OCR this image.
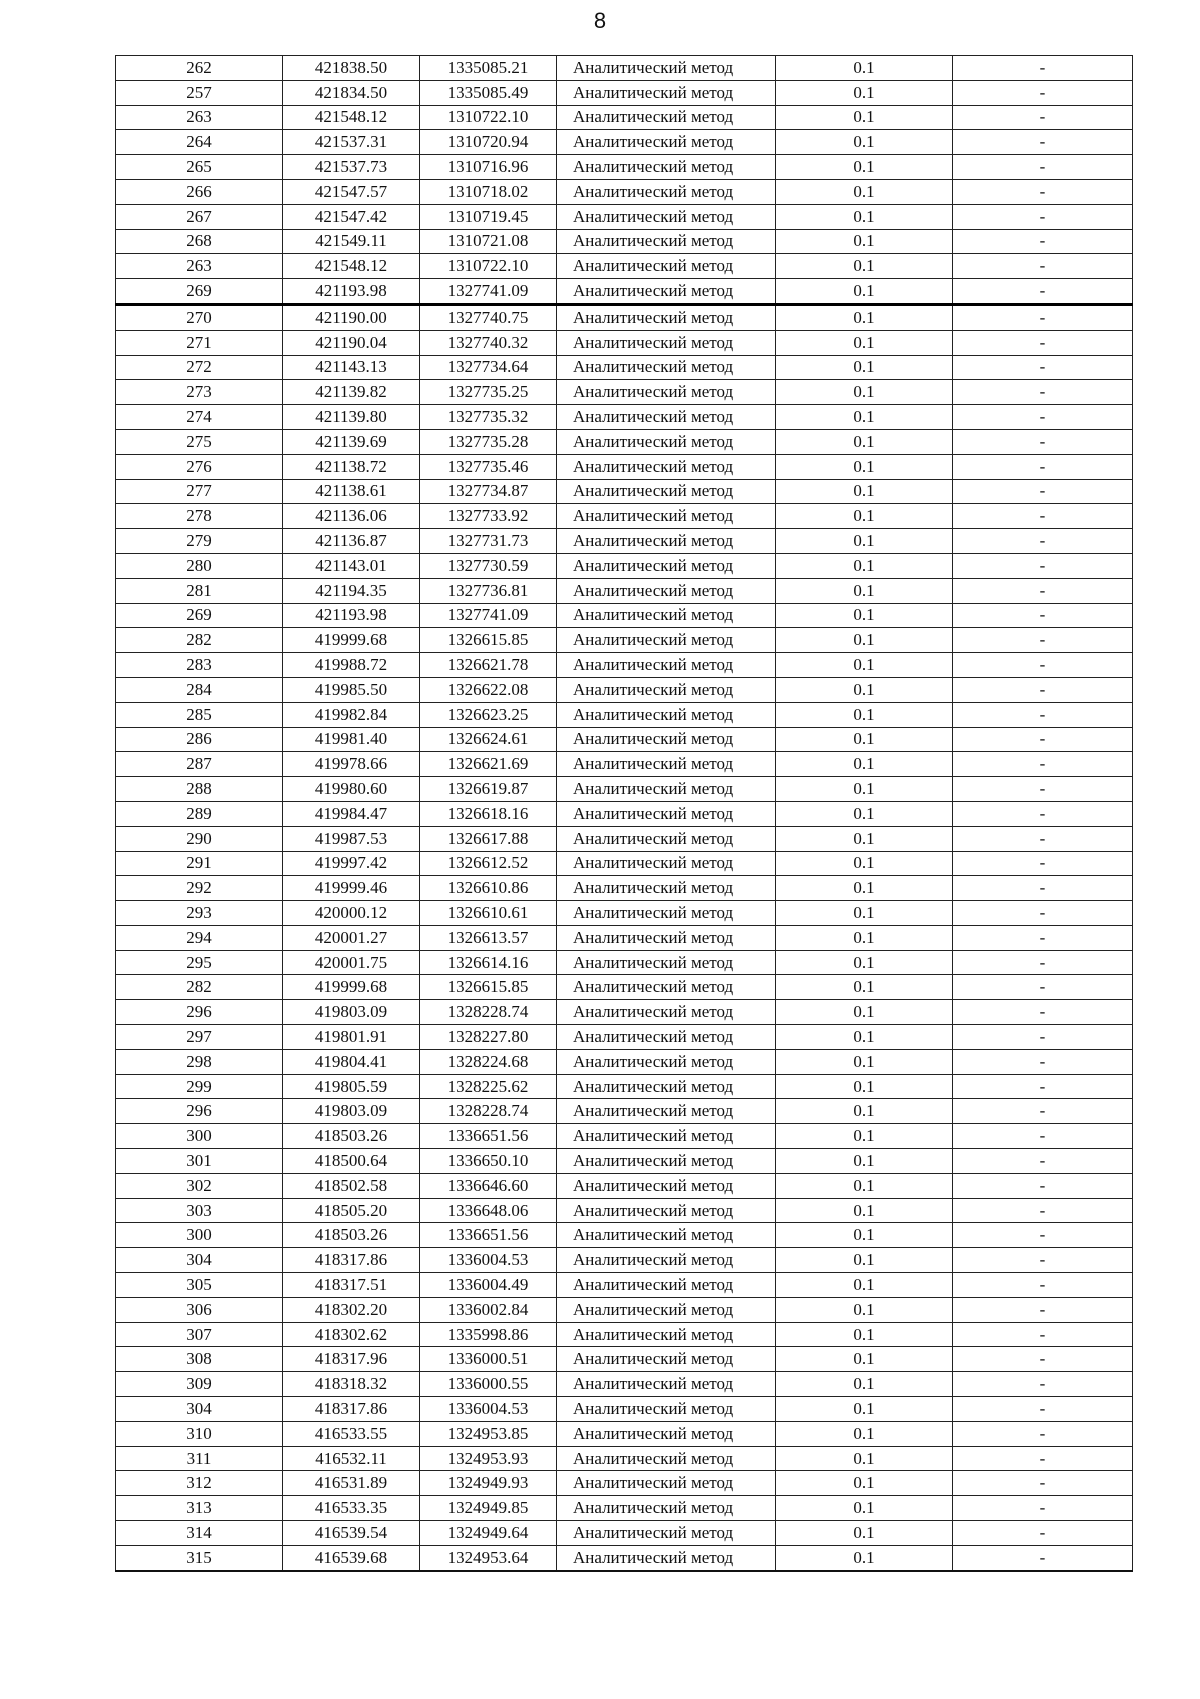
8
262	421838.50	1335085.21	Аналитический метод	0.1	-
257	421834.50	1335085.49	Аналитический метод	0.1	-
263	421548.12	1310722.10	Аналитический метод	0.1	-
264	421537.31	1310720.94	Аналитический метод	0.1	-
265	421537.73	1310716.96	Аналитический метод	0.1	-
266	421547.57	1310718.02	Аналитический метод	0.1	-
267	421547.42	1310719.45	Аналитический метод	0.1	-
268	421549.11	1310721.08	Аналитический метод	0.1	-
263	421548.12	1310722.10	Аналитический метод	0.1	-
269	421193.98	1327741.09	Аналитический метод	0.1	-
270	421190.00	1327740.75	Аналитический метод	0.1	-
271	421190.04	1327740.32	Аналитический метод	0.1	-
272	421143.13	1327734.64	Аналитический метод	0.1	-
273	421139.82	1327735.25	Аналитический метод	0.1	-
274	421139.80	1327735.32	Аналитический метод	0.1	-
275	421139.69	1327735.28	Аналитический метод	0.1	-
276	421138.72	1327735.46	Аналитический метод	0.1	-
277	421138.61	1327734.87	Аналитический метод	0.1	-
278	421136.06	1327733.92	Аналитический метод	0.1	-
279	421136.87	1327731.73	Аналитический метод	0.1	-
280	421143.01	1327730.59	Аналитический метод	0.1	-
281	421194.35	1327736.81	Аналитический метод	0.1	-
269	421193.98	1327741.09	Аналитический метод	0.1	-
282	419999.68	1326615.85	Аналитический метод	0.1	-
283	419988.72	1326621.78	Аналитический метод	0.1	-
284	419985.50	1326622.08	Аналитический метод	0.1	-
285	419982.84	1326623.25	Аналитический метод	0.1	-
286	419981.40	1326624.61	Аналитический метод	0.1	-
287	419978.66	1326621.69	Аналитический метод	0.1	-
288	419980.60	1326619.87	Аналитический метод	0.1	-
289	419984.47	1326618.16	Аналитический метод	0.1	-
290	419987.53	1326617.88	Аналитический метод	0.1	-
291	419997.42	1326612.52	Аналитический метод	0.1	-
292	419999.46	1326610.86	Аналитический метод	0.1	-
293	420000.12	1326610.61	Аналитический метод	0.1	-
294	420001.27	1326613.57	Аналитический метод	0.1	-
295	420001.75	1326614.16	Аналитический метод	0.1	-
282	419999.68	1326615.85	Аналитический метод	0.1	-
296	419803.09	1328228.74	Аналитический метод	0.1	-
297	419801.91	1328227.80	Аналитический метод	0.1	-
298	419804.41	1328224.68	Аналитический метод	0.1	-
299	419805.59	1328225.62	Аналитический метод	0.1	-
296	419803.09	1328228.74	Аналитический метод	0.1	-
300	418503.26	1336651.56	Аналитический метод	0.1	-
301	418500.64	1336650.10	Аналитический метод	0.1	-
302	418502.58	1336646.60	Аналитический метод	0.1	-
303	418505.20	1336648.06	Аналитический метод	0.1	-
300	418503.26	1336651.56	Аналитический метод	0.1	-
304	418317.86	1336004.53	Аналитический метод	0.1	-
305	418317.51	1336004.49	Аналитический метод	0.1	-
306	418302.20	1336002.84	Аналитический метод	0.1	-
307	418302.62	1335998.86	Аналитический метод	0.1	-
308	418317.96	1336000.51	Аналитический метод	0.1	-
309	418318.32	1336000.55	Аналитический метод	0.1	-
304	418317.86	1336004.53	Аналитический метод	0.1	-
310	416533.55	1324953.85	Аналитический метод	0.1	-
311	416532.11	1324953.93	Аналитический метод	0.1	-
312	416531.89	1324949.93	Аналитический метод	0.1	-
313	416533.35	1324949.85	Аналитический метод	0.1	-
314	416539.54	1324949.64	Аналитический метод	0.1	-
315	416539.68	1324953.64	Аналитический метод	0.1	-
